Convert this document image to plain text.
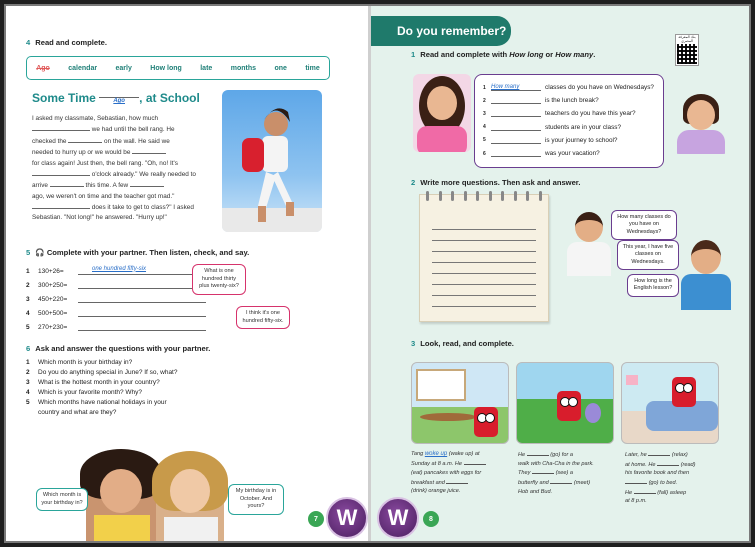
4 Read and complete.
Ago	calendar	early	How long	late	months	one	time
Some Time	Ago , at School
I asked my classmate, Sebastian, how much
we had until the bell rang. He
checked the	on the wall. He said we
needed to hurry up or we would be
for class again! Just then, the bell rang. "Oh, no! It's
o'clock already." We really needed to
arrive	this time. A few
ago, we weren't on time and the teacher got mad."
does it take to get to class?" I asked
Sebastian. "Not long!" he answered. "Hurry up!"
5 🎧 Complete with your partner. Then listen, check, and say.
1	130+26=	one hundred fifty-six
2	300+250=
3	450+220=
4	500+500=
5	270+230=
What is one hundred thirty plus twenty-six?
I think it's one hundred fifty-six.
6 Ask and answer the questions with your partner.
1	Which month is your birthday in?
2	Do you do anything special in June? If so, what?
3	What is the hottest month in your country?
4	Which is your favorite month? Why?
5	Which months have national holidays in your country and what are they?
Which month is your birthday in?
My birthday is in October. And yours?
7 W
Do you remember?	بنك المعرفة المصري
1 Read and complete with How long or How many.
1 How many	classes do you have on Wednesdays?
2	is the lunch break?
3	teachers do you have this year?
4	students are in your class?
5	is your journey to school?
6	was your vacation?
2 Write more questions. Then ask and answer.
How many classes do you have on Wednesdays?
This year, I have five classes on Wednesdays.
How long is the English lesson?
3 Look, read, and complete.
Tang woke up (wake up) at
Sunday at 8 a.m. He
(eat) pancakes with eggs for
breakfast and
(drink) orange juice.
He	(go) for a
walk with Cha-Cha in the park.
They	(see) a
butterfly and	(meet)
Hob and Bud.
Later, he	(relax)
at home. He	(read)
his favorite book and then
(go) to bed.
He	(fall) asleep
at 8 p.m.
W	8
